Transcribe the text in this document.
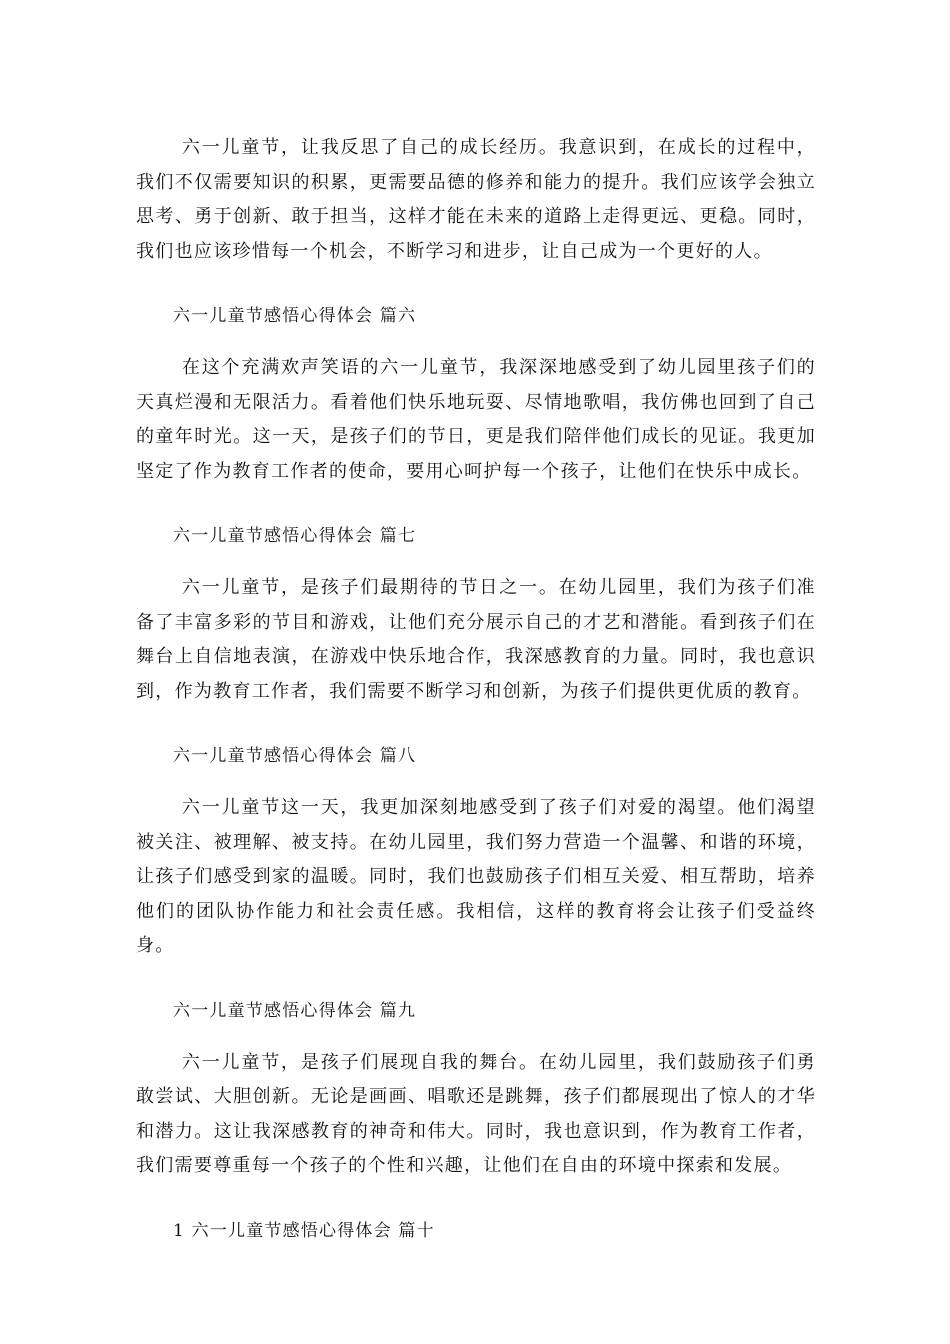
六一儿童节，让我反思了自己的成长经历。我意识到，在成长的过程中，我们不仅需要知识的积累，更需要品德的修养和能力的提升。我们应该学会独立思考、勇于创新、敢于担当，这样才能在未来的道路上走得更远、更稳。同时，我们也应该珍惜每一个机会，不断学习和进步，让自己成为一个更好的人。

六一儿童节感悟心得体会 篇六

在这个充满欢声笑语的六一儿童节，我深深地感受到了幼儿园里孩子们的天真烂漫和无限活力。看着他们快乐地玩耍、尽情地歌唱，我仿佛也回到了自己的童年时光。这一天，是孩子们的节日，更是我们陪伴他们成长的见证。我更加坚定了作为教育工作者的使命，要用心呵护每一个孩子，让他们在快乐中成长。

六一儿童节感悟心得体会 篇七

六一儿童节，是孩子们最期待的节日之一。在幼儿园里，我们为孩子们准备了丰富多彩的节目和游戏，让他们充分展示自己的才艺和潜能。看到孩子们在舞台上自信地表演，在游戏中快乐地合作，我深感教育的力量。同时，我也意识到，作为教育工作者，我们需要不断学习和创新，为孩子们提供更优质的教育。

六一儿童节感悟心得体会 篇八

六一儿童节这一天，我更加深刻地感受到了孩子们对爱的渴望。他们渴望被关注、被理解、被支持。在幼儿园里，我们努力营造一个温馨、和谐的环境，让孩子们感受到家的温暖。同时，我们也鼓励孩子们相互关爱、相互帮助，培养他们的团队协作能力和社会责任感。我相信，这样的教育将会让孩子们受益终身。

六一儿童节感悟心得体会 篇九

六一儿童节，是孩子们展现自我的舞台。在幼儿园里，我们鼓励孩子们勇敢尝试、大胆创新。无论是画画、唱歌还是跳舞，孩子们都展现出了惊人的才华和潜力。这让我深感教育的神奇和伟大。同时，我也意识到，作为教育工作者，我们需要尊重每一个孩子的个性和兴趣，让他们在自由的环境中探索和发展。

1 六一儿童节感悟心得体会 篇十
